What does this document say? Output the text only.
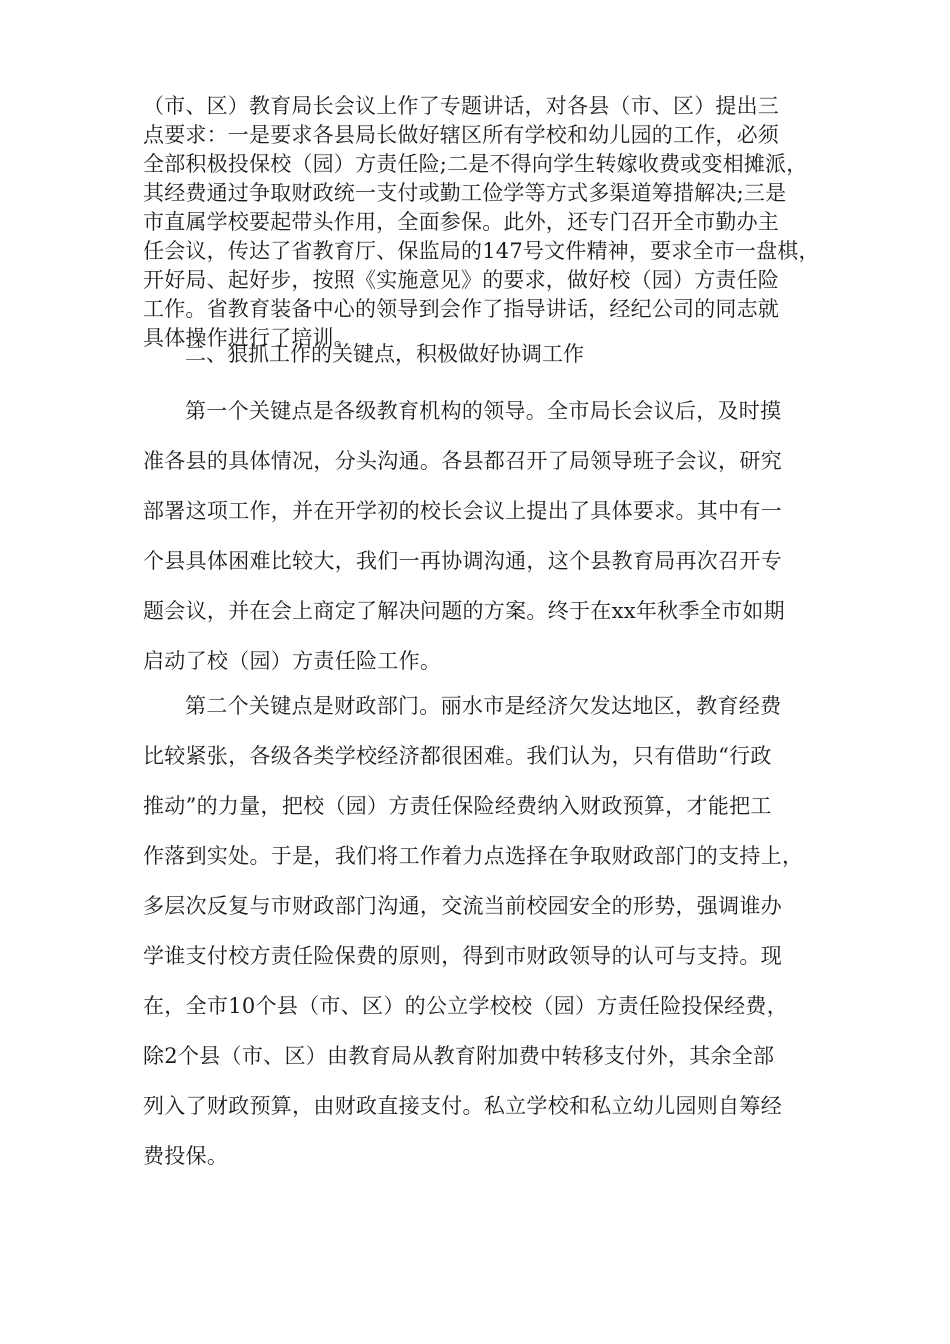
（市、区）教育局长会议上作了专题讲话，对各县（市、区）提出三
点要求：一是要求各县局长做好辖区所有学校和幼儿园的工作，必须
全部积极投保校（园）方责任险;二是不得向学生转嫁收费或变相摊派，
其经费通过争取财政统一支付或勤工俭学等方式多渠道筹措解决;三是
市直属学校要起带头作用，全面参保。此外，还专门召开全市勤办主
任会议，传达了省教育厅、保监局的147号文件精神，要求全市一盘棋，
开好局、起好步，按照《实施意见》的要求，做好校（园）方责任险
工作。省教育装备中心的领导到会作了指导讲话，经纪公司的同志就
具体操作进行了培训。
二、狠抓工作的关键点，积极做好协调工作
第一个关键点是各级教育机构的领导。全市局长会议后，及时摸
准各县的具体情况，分头沟通。各县都召开了局领导班子会议，研究
部署这项工作，并在开学初的校长会议上提出了具体要求。其中有一
个县具体困难比较大，我们一再协调沟通，这个县教育局再次召开专
题会议，并在会上商定了解决问题的方案。终于在xx年秋季全市如期
启动了校（园）方责任险工作。
第二个关键点是财政部门。丽水市是经济欠发达地区，教育经费
比较紧张，各级各类学校经济都很困难。我们认为，只有借助“行政
推动”的力量，把校（园）方责任保险经费纳入财政预算，才能把工
作落到实处。于是，我们将工作着力点选择在争取财政部门的支持上，
多层次反复与市财政部门沟通，交流当前校园安全的形势，强调谁办
学谁支付校方责任险保费的原则，得到市财政领导的认可与支持。现
在，全市10个县（市、区）的公立学校校（园）方责任险投保经费，
除2个县（市、区）由教育局从教育附加费中转移支付外，其余全部
列入了财政预算，由财政直接支付。私立学校和私立幼儿园则自筹经
费投保。
